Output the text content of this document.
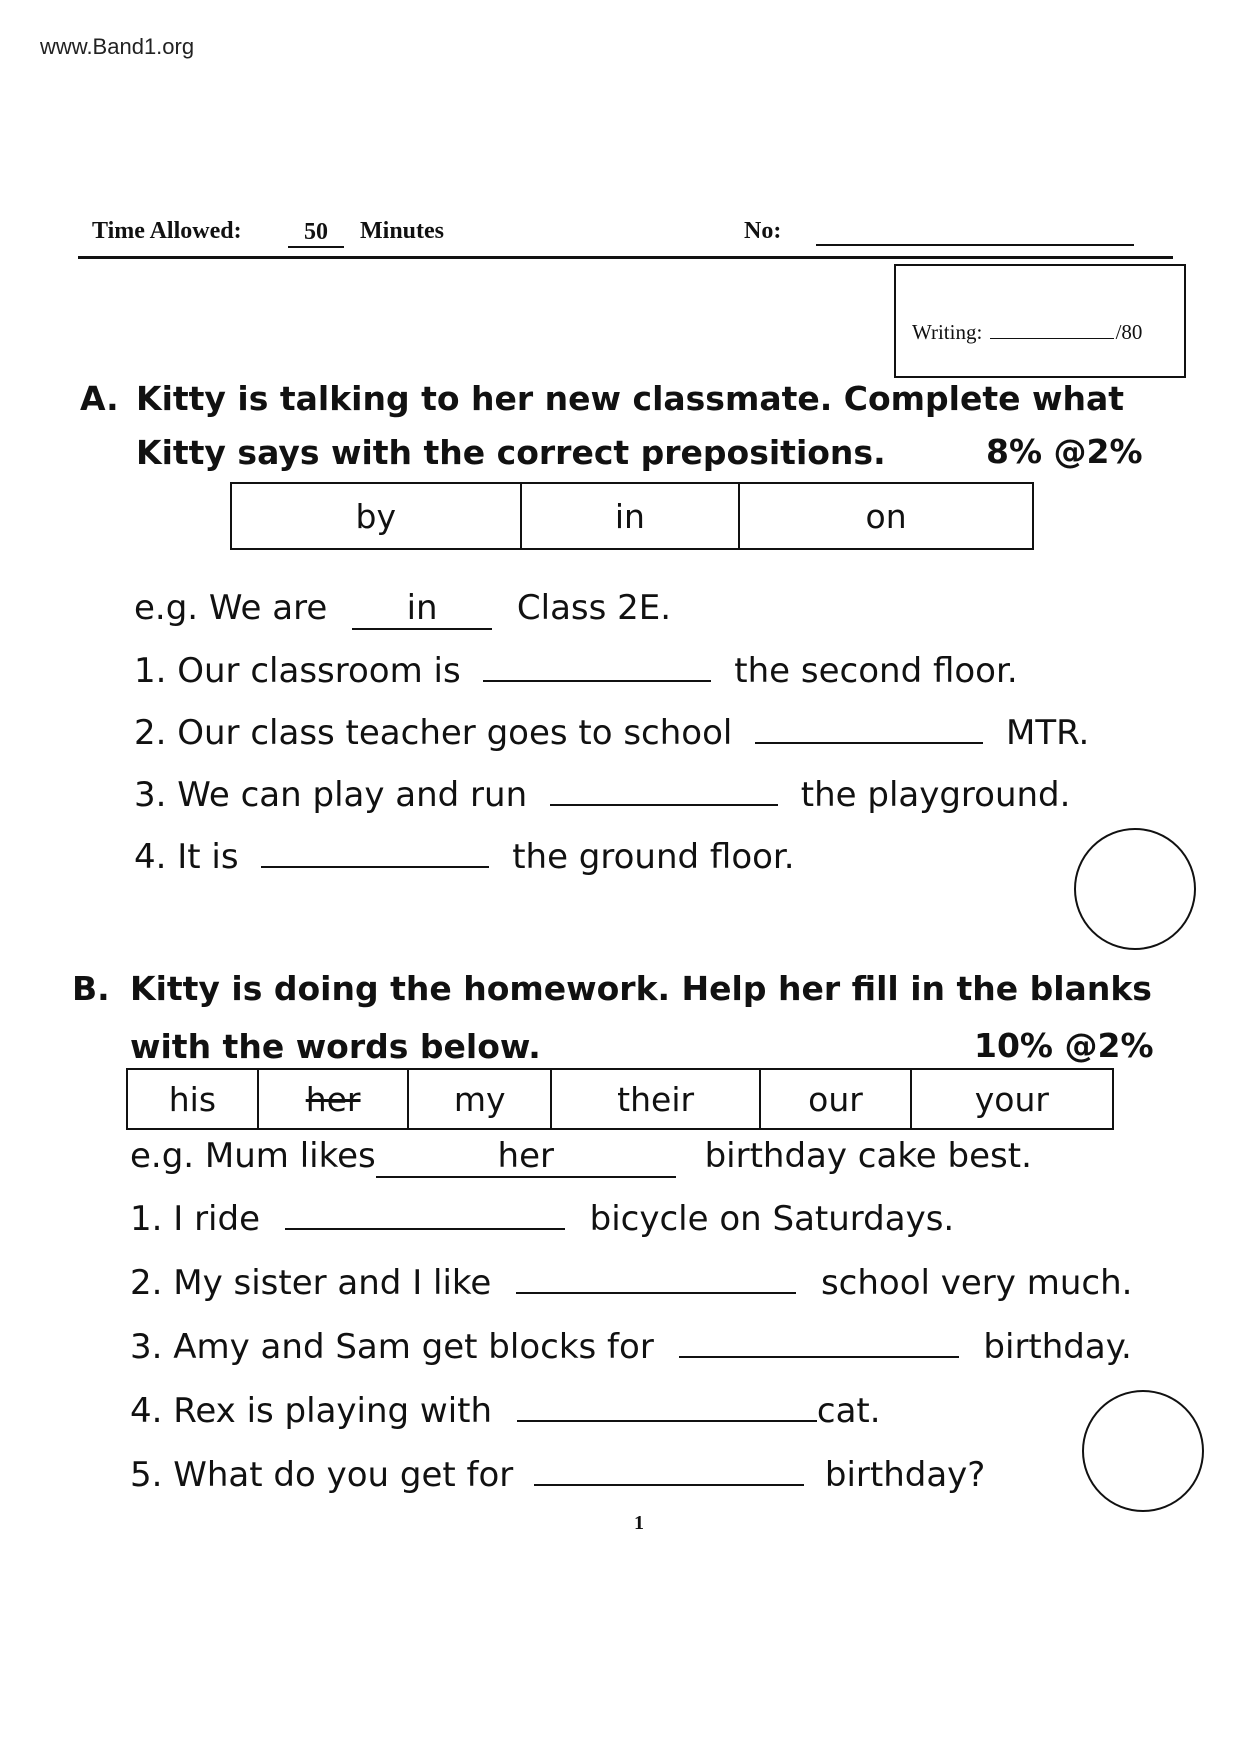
www.Band1.org
Time Allowed:	50	Minutes	No:
Writing:	/80
A. Kitty is talking to her new classmate. Complete what
Kitty says with the correct prepositions.	8% @2%
by	in	on
e.g. We are in Class 2E.
1. Our classroom is	the second floor.
2. Our class teacher goes to school	MTR.
3. We can play and run	the playground.
4. It is	the ground floor.
B. Kitty is doing the homework. Help her fill in the blanks
with the words below.	10% @2%
his	her	my	their	our	your
e.g. Mum likes	her	birthday cake best.
1. I ride	bicycle on Saturdays.
2. My sister and I like	school very much.
3. Amy and Sam get blocks for	birthday.
4. Rex is playing with	cat.
5. What do you get for	birthday?
1
